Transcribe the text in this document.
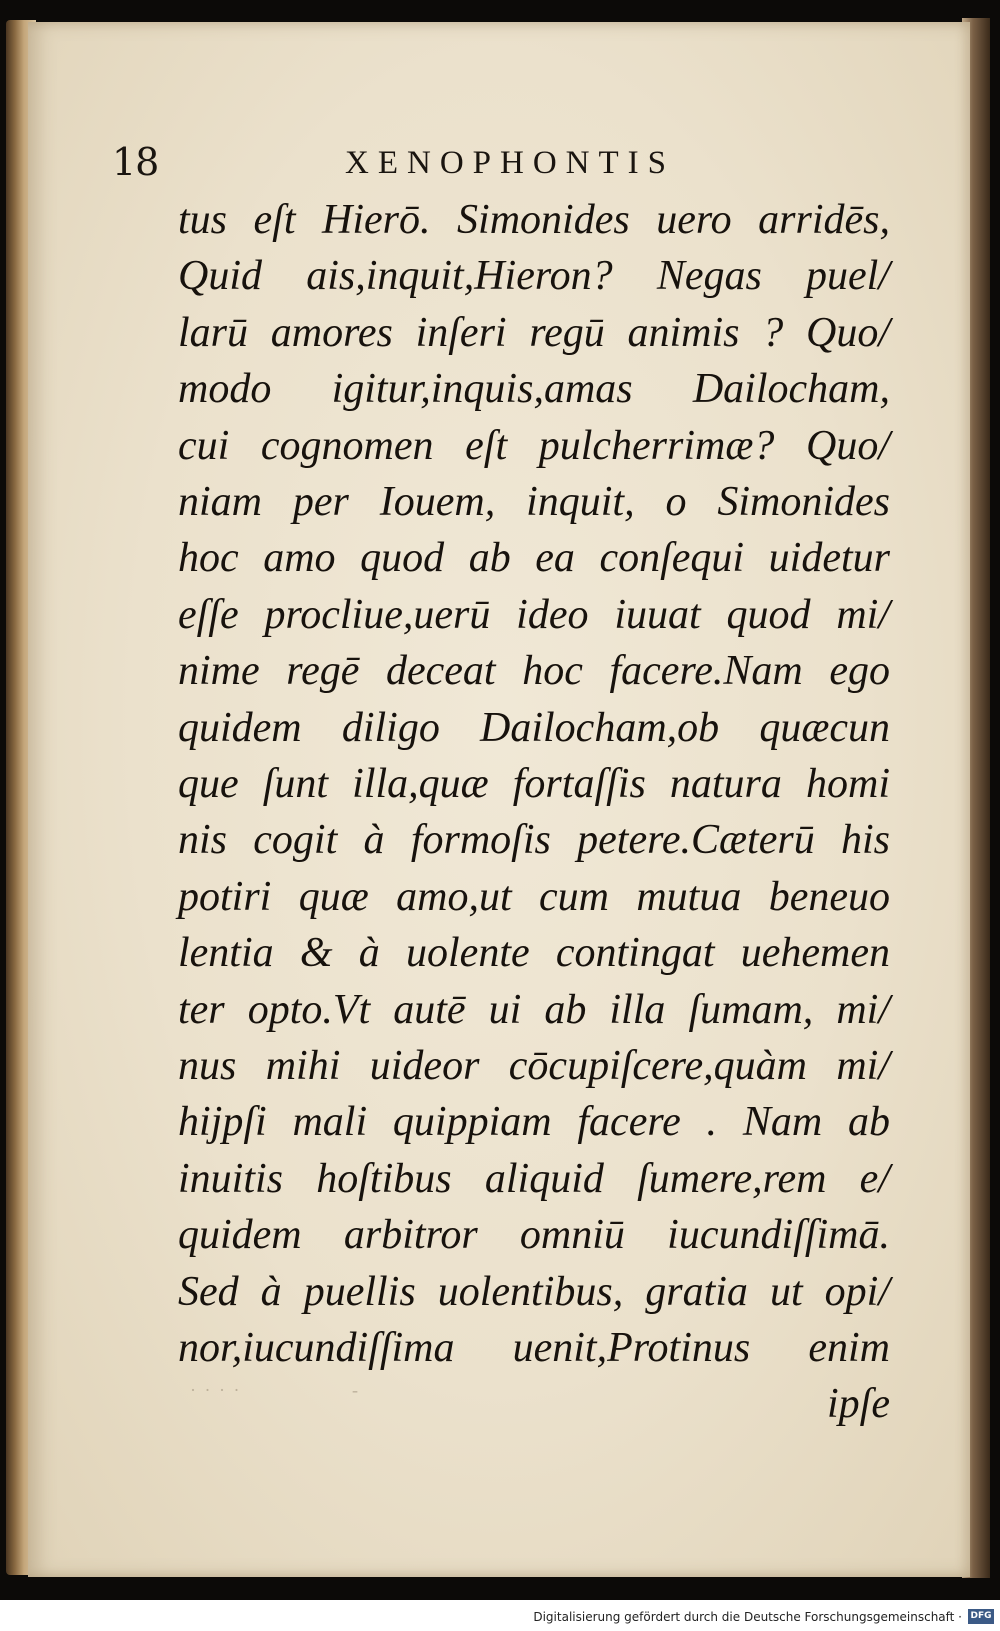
18	XENOPHONTIS
tus eſt Hierō. Simonides uero arridēs,
Quid ais,inquit,Hieron? Negas puel/
larū amores inſeri regū animis ? Quo/
modo igitur,inquis,amas Dailocham,
cui cognomen eſt pulcherrimæ? Quo/
niam per Iouem, inquit, o Simonides
hoc amo quod ab ea conſequi uidetur
eſſe procliue,uerū ideo iuuat quod mi/
nime regē deceat hoc facere.Nam ego
quidem diligo Dailocham,ob quæcun
que ſunt illa,quæ fortaſſis natura homi
nis cogit à formoſis petere.Cæterū his
potiri quæ amo,ut cum mutua beneuo
lentia & à uolente contingat uehemen
ter opto.Vt autē ui ab illa ſumam, mi/
nus mihi uideor cōcupiſcere,quàm mi/
hijpſi mali quippiam facere . Nam ab
inuitis hoſtibus aliquid ſumere,rem e/
quidem arbitror omniū iucundiſſimā.
Sed à puellis uolentibus, gratia ut opi/
nor,iucundiſſima uenit,Protinus enim
ipſe
· · · ·                 -
Digitalisierung gefördert durch die Deutsche Forschungsgemeinschaft · DFG
